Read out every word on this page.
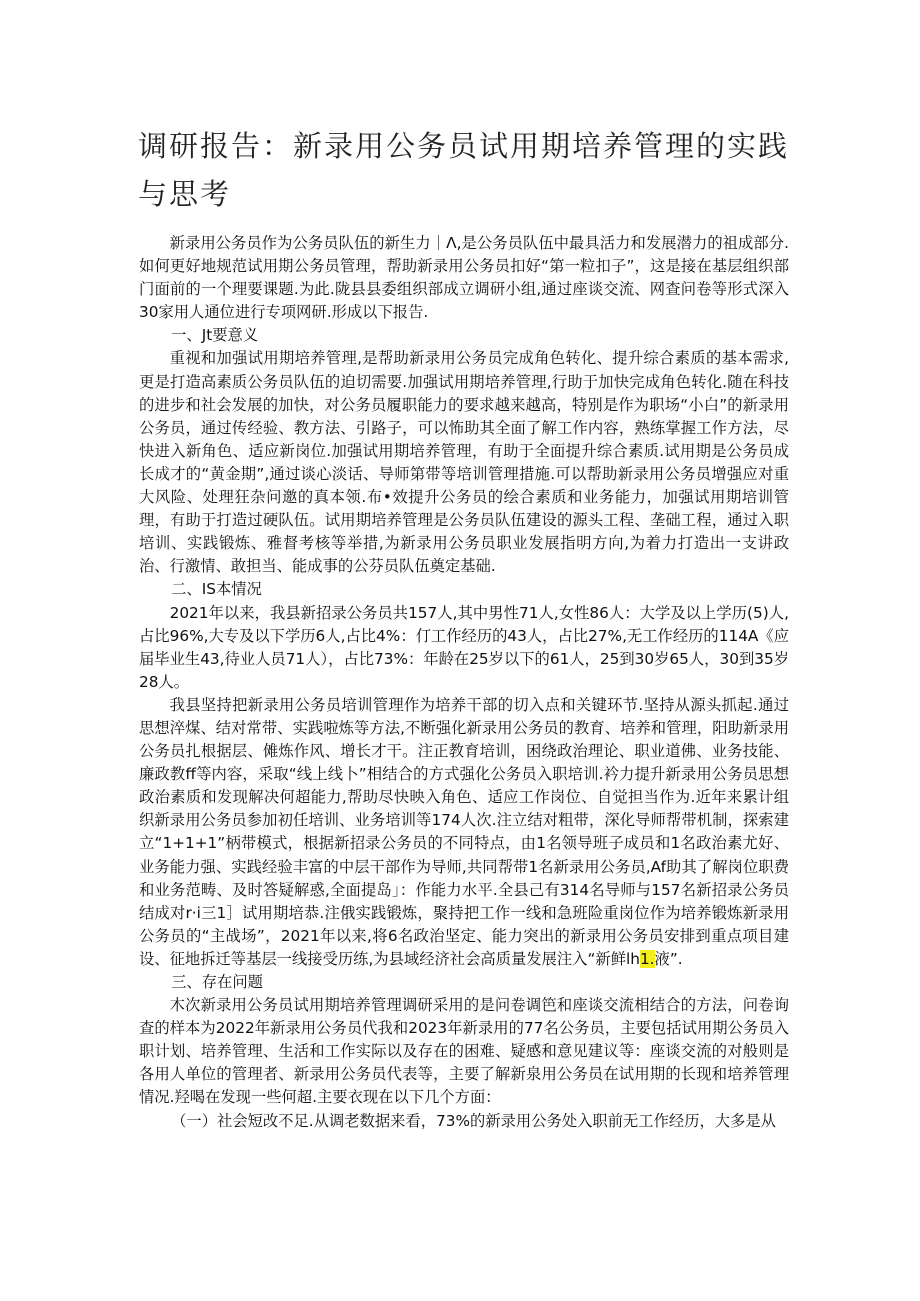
调研报告：新录用公务员试用期培养管理的实践与思考

新录用公务员作为公务员队伍的新生力｜Λ,是公务员队伍中最具活力和发展潜力的祖成部分.如何更好地规范试用期公务员管理，帮助新录用公务员扣好“第一粒扣子”，这是接在基层组织部门面前的一个理要课题.为此.陇县县委组织部成立调研小组,通过座谈交流、网查问卷等形式深入30家用人通位进行专项网研.形成以下报告.

一、Jt要意义

重视和加强试用期培养管理,是帮助新录用公务员完成角色转化、提升综合素质的基本需求,更是打造高素质公务员队伍的迫切需要.加强试用期培养管理,行助于加快完成角色转化.随在科技的进步和社会发展的加快，对公务员履职能力的要求越来越高，特别是作为职场“小白”的新录用公务员，通过传经验、教方法、引路子，可以怖助其全面了解工作内容，熟练掌握工作方法，尽快进入新角色、适应新岗位.加强试用期培养管理，有助于全面提升综合素质.试用期是公务员成长成才的“黄金期”,通过谈心淡话、导师第带等培训管理措施.可以帮助新录用公务员增强应对重大风险、处理狂杂问邀的真本领.布•效提升公务员的绘合素质和业务能力，加强试用期培训管理，有助于打造过硬队伍。试用期培养管理是公务员队伍建设的源头工程、垄础工程，通过入职培训、实践锻炼、雅督考核等举措,为新录用公务员职业发展指明方向,为着力打造出一支讲政治、行激情、敢担当、能成事的公芬员队伍奠定基础.

二、IS本情况

2021年以来，我县新招录公务员共157人,其中男性71人,女性86人：大学及以上学历(5)人,占比96%,大专及以下学历6人,占比4%：仃工作经历的43人，占比27%,无工作经历的114A《应届毕业生43,待业人员71人），占比73%：年龄在25岁以下的61人，25到30岁65人，30到35岁28人。

我县坚持把新录用公务员培训管理作为培养干部的切入点和关键环节.坚持从源头抓起.通过思想淬煤、结对常带、实践啦炼等方法,不断强化新录用公务员的教育、培养和管理，阳助新录用公务员扎根据层、傩炼作风、增长才干。注正教育培训，困绕政治理论、职业道佛、业务技能、廉政教ff等内容，采取“线上线卜”相结合的方式强化公务员入职培训.衿力提升新录用公务员思想政治素质和发现解决何超能力,帮助尽快映入角色、适应工作岗位、自觉担当作为.近年来累计组织新录用公务员参加初任培训、业务培训等174人次.注立结对粗带，深化导师帮带机制，探索建立“1+1+1”柄带模式，根据新招录公务员的不同特点，由1名领导班子成员和1名政治素尤好、业务能力强、实践经验丰富的中层干部作为导师,共同帮带1名新录用公务员,Af助其了解岗位职费和业务范畴、及时答疑解惑,全面提岛」：作能力水平.全县己有314名导师与157名新招录公务员结成对r·i三1］试用期培恭.注俄实践锻炼，聚持把工作一线和急班险重岗位作为培养锻炼新录用公务员的“主战场”，2021年以来,将6名政治坚定、能力突出的新录用公务员安排到重点项目建设、征地拆迁等基层一线接受历练,为县域经济社会高质量发展注入“新鲜lh1.液”.

三、存在问题

木次新录用公务员试用期培养管理调研采用的是问卷调笆和座谈交流相结合的方法，问卷询查的样本为2022年新录用公务员代我和2023年新录用的77名公务员，主要包括试用期公务员入职计划、培养管理、生活和工作实际以及存在的困难、疑感和意见建议等：座谈交流的对般则是各用人单位的管理者、新录用公务员代表等，主要了解新泉用公务员在试用期的长现和培养管理情况.羟喝在发现一些何超.主要衣现在以下几个方面：

（一）社会短改不足.从调老数据来看，73%的新录用公务处入职前无工作经历，大多是从
